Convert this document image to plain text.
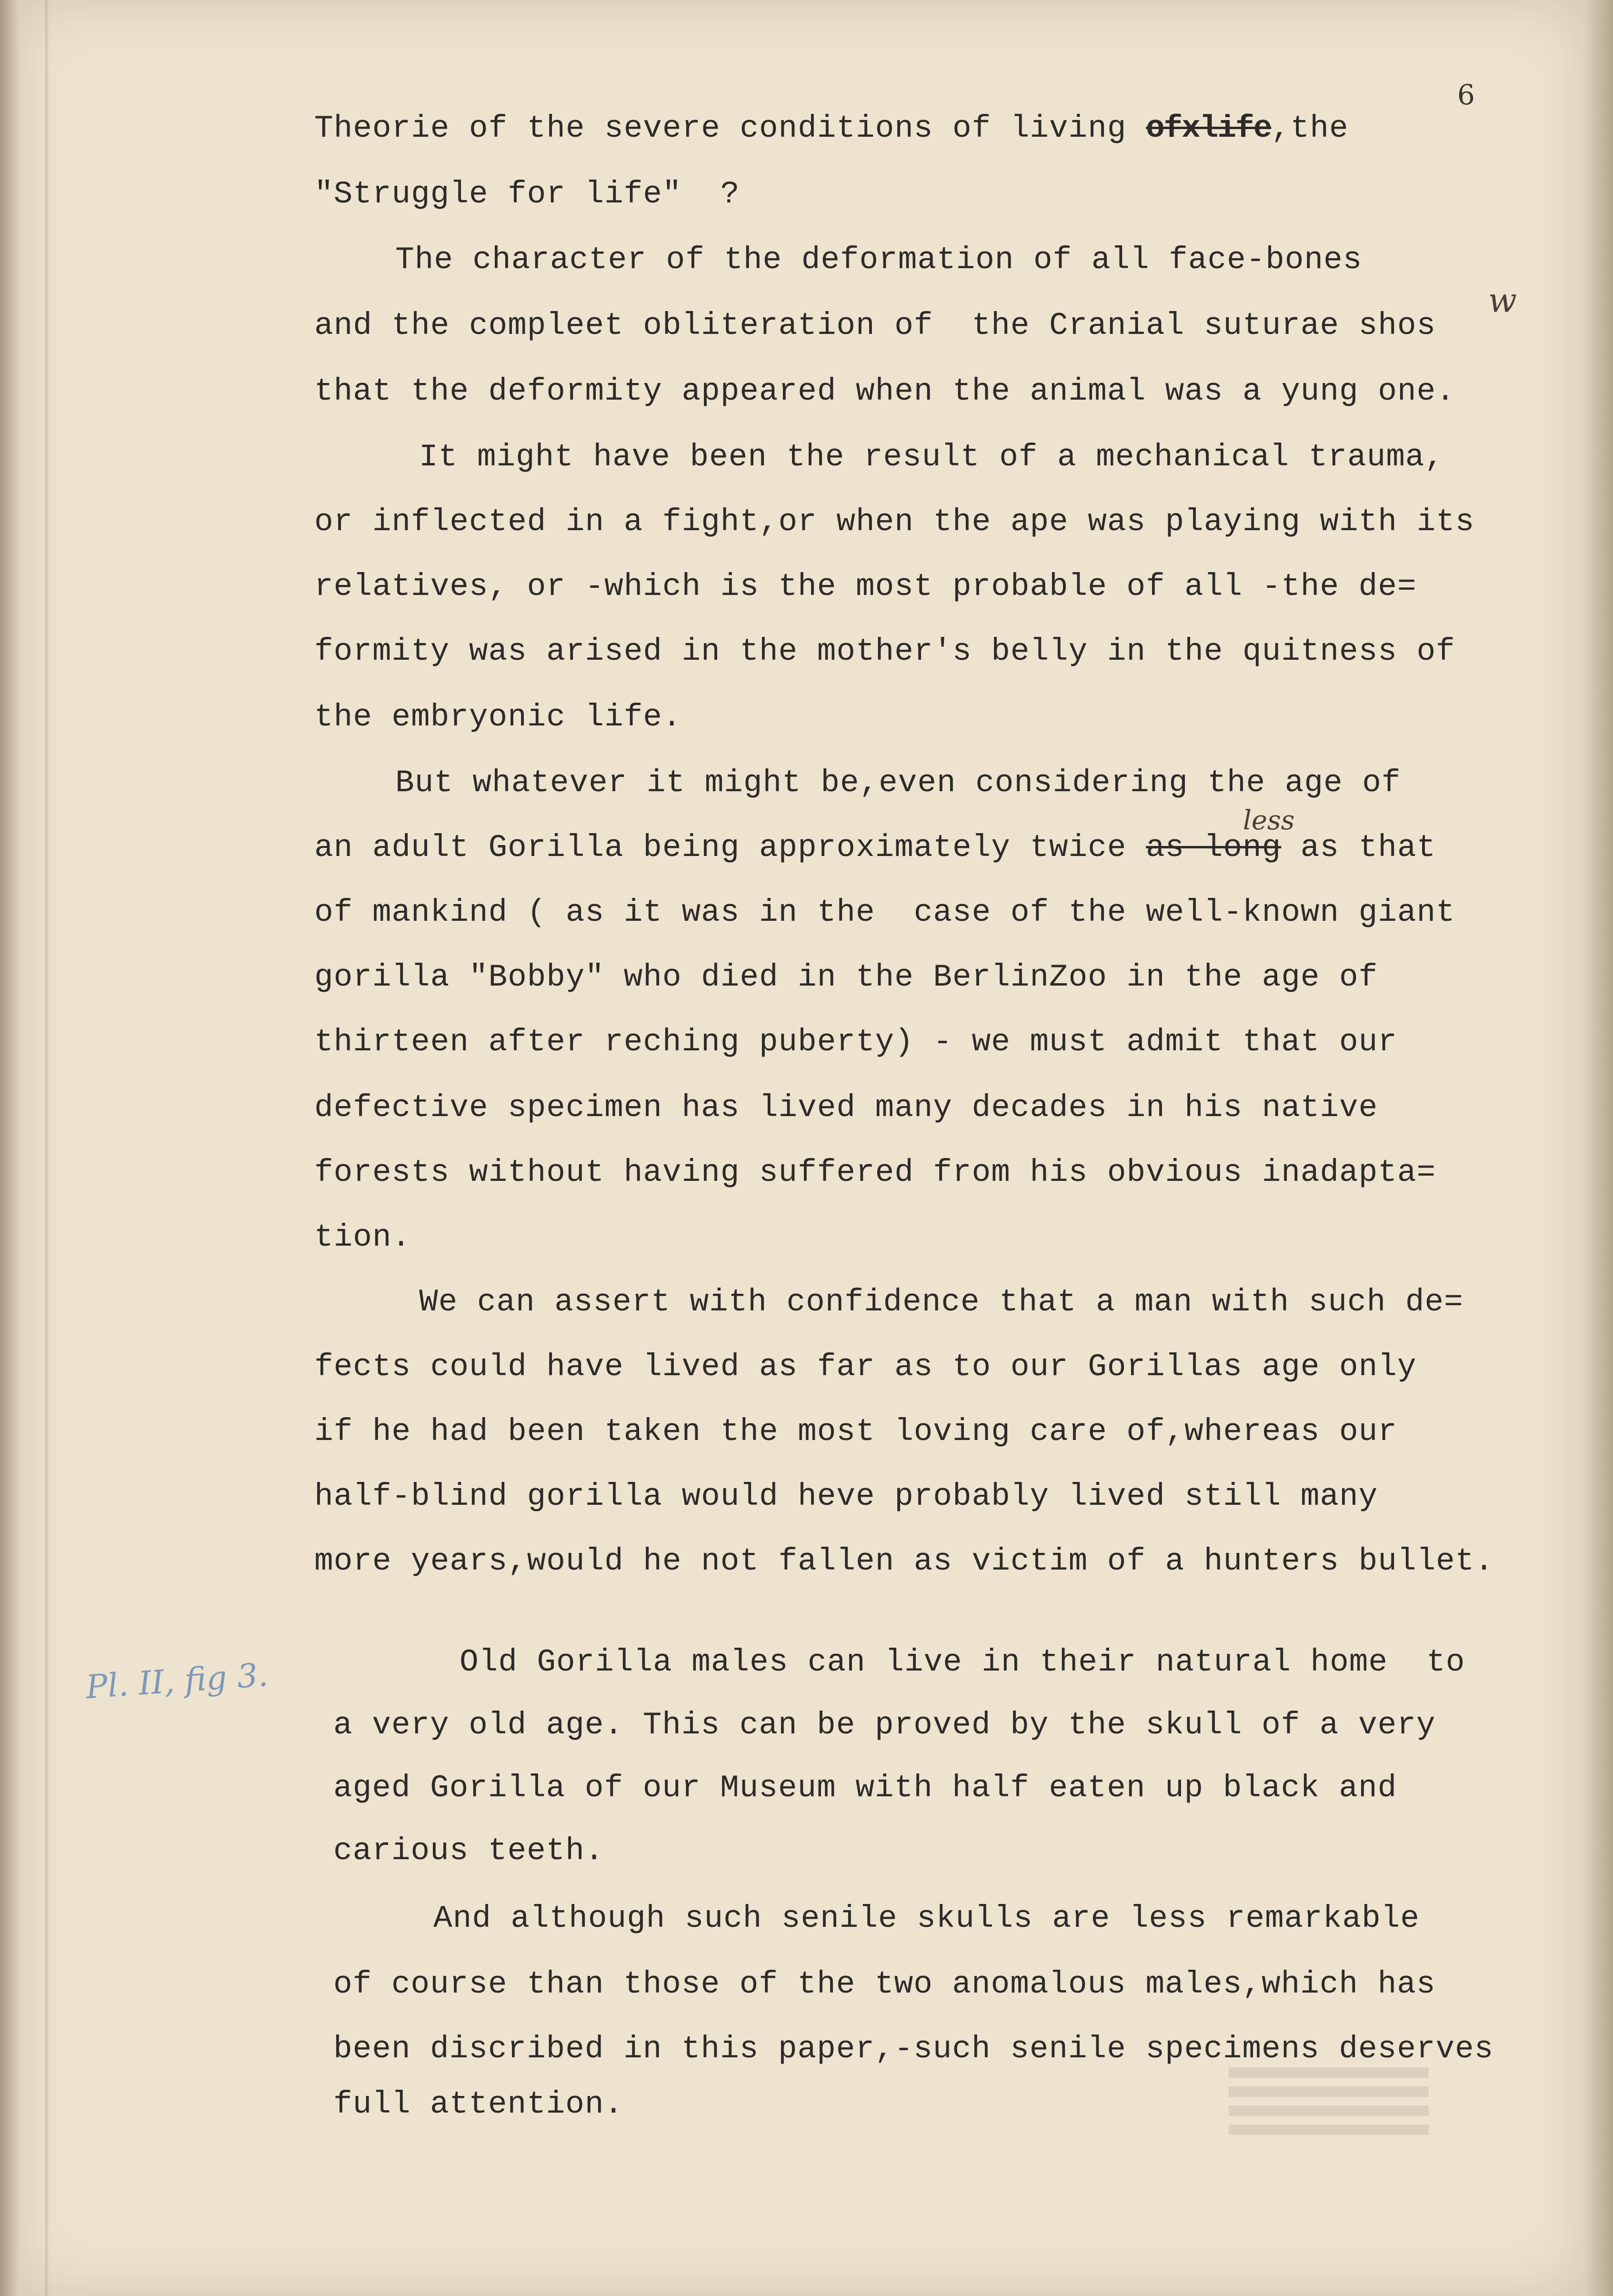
6
w
less
Pl. II, fig 3.
Theorie of the severe conditions of living ofxlife,the
"Struggle for life"  ?
The character of the deformation of all face-bones
and the compleet obliteration of  the Cranial suturae shos
that the deformity appeared when the animal was a yung one.
It might have been the result of a mechanical trauma,
or inflected in a fight,or when the ape was playing with its
relatives, or -which is the most probable of all -the de=
formity was arised in the mother's belly in the quitness of
the embryonic life.
But whatever it might be,even considering the age of
an adult Gorilla being approximately twice as long as that
of mankind ( as it was in the  case of the well-known giant
gorilla "Bobby" who died in the BerlinZoo in the age of
thirteen after reching puberty) - we must admit that our
defective specimen has lived many decades in his native
forests without having suffered from his obvious inadapta=
tion.
We can assert with confidence that a man with such de=
fects could have lived as far as to our Gorillas age only
if he had been taken the most loving care of,whereas our
half-blind gorilla would heve probably lived still many
more years,would he not fallen as victim of a hunters bullet.
Old Gorilla males can live in their natural home  to
a very old age. This can be proved by the skull of a very
aged Gorilla of our Museum with half eaten up black and
carious teeth.
And although such senile skulls are less remarkable
of course than those of the two anomalous males,which has
been discribed in this paper,-such senile specimens deserves
full attention.
